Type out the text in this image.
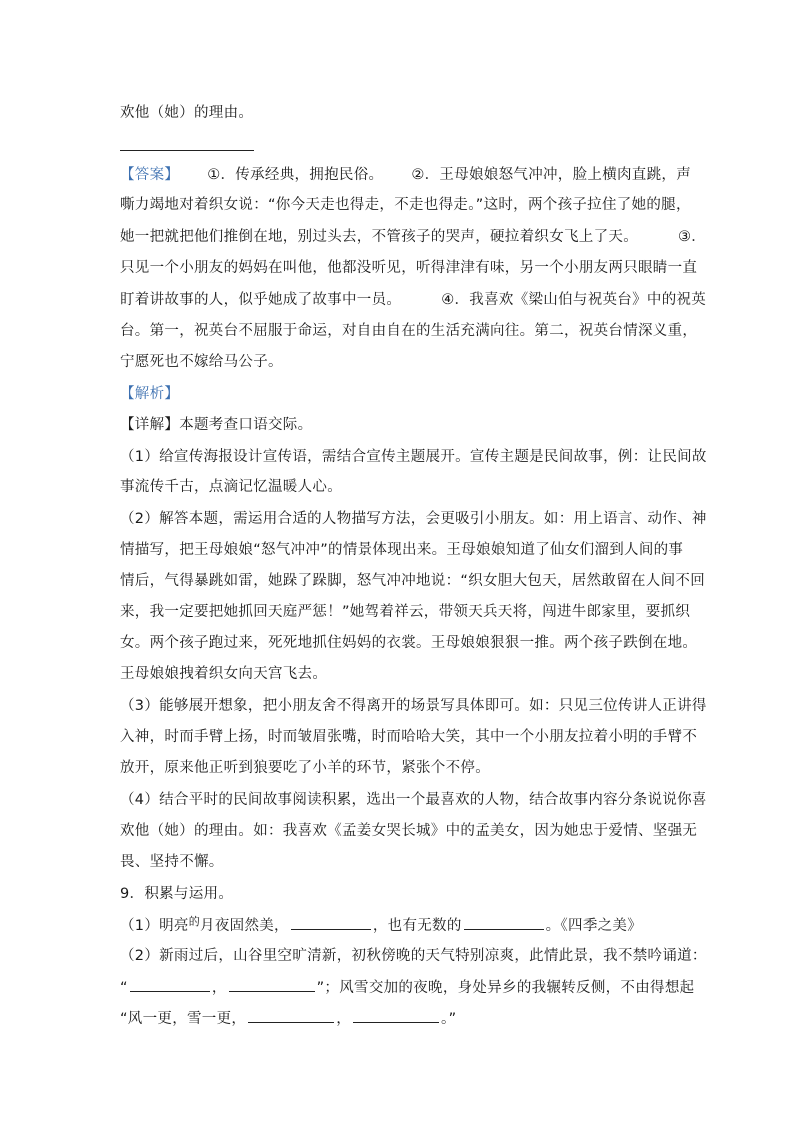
欢他（她）的理由。
【答案】 ①．传承经典，拥抱民俗。 ②．王母娘娘怒气冲冲，脸上横肉直跳，声
嘶力竭地对着织女说：“你今天走也得走，不走也得走。”这时，两个孩子拉住了她的腿，
她一把就把他们推倒在地，别过头去，不管孩子的哭声，硬拉着织女飞上了天。	③．
只见一个小朋友的妈妈在叫他，他都没听见，听得津津有味，另一个小朋友两只眼睛一直
盯着讲故事的人，似乎她成了故事中一员。	④．我喜欢《梁山伯与祝英台》中的祝英
台。第一，祝英台不屈服于命运，对自由自在的生活充满向往。第二，祝英台情深义重，
宁愿死也不嫁给马公子。
【解析】
【详解】本题考查口语交际。
（1）给宣传海报设计宣传语，需结合宣传主题展开。宣传主题是民间故事，例：让民间故
事流传千古，点滴记忆温暖人心。
（2）解答本题，需运用合适的人物描写方法，会更吸引小朋友。如：用上语言、动作、神
情描写，把王母娘娘“怒气冲冲”的情景体现出来。王母娘娘知道了仙女们溜到人间的事
情后，气得暴跳如雷，她跺了跺脚，怒气冲冲地说：“织女胆大包天，居然敢留在人间不回
来，我一定要把她抓回天庭严惩！”她驾着祥云，带领天兵天将，闯进牛郎家里，要抓织
女。两个孩子跑过来，死死地抓住妈妈的衣裳。王母娘娘狠狠一推。两个孩子跌倒在地。
王母娘娘拽着织女向天宫飞去。
（3）能够展开想象，把小朋友舍不得离开的场景写具体即可。如：只见三位传讲人正讲得
入神，时而手臂上扬，时而皱眉张嘴，时而哈哈大笑，其中一个小朋友拉着小明的手臂不
放开，原来他正听到狼要吃了小羊的环节，紧张个不停。
（4）结合平时的民间故事阅读积累，选出一个最喜欢的人物，结合故事内容分条说说你喜
欢他（她）的理由。如：我喜欢《孟姜女哭长城》中的孟美女，因为她忠于爱情、坚强无
畏、坚持不懈。
9．积累与运用。
（1）明亮$^的$月夜固然美，	，也有无数的	。《四季之美》
（2）新雨过后，山谷里空旷清新，初秋傍晚的天气特别凉爽，此情此景，我不禁吟诵道：
“	，	”；风雪交加的夜晚，身处异乡的我辗转反侧，不由得想起
“风一更，雪一更，	，	。”
